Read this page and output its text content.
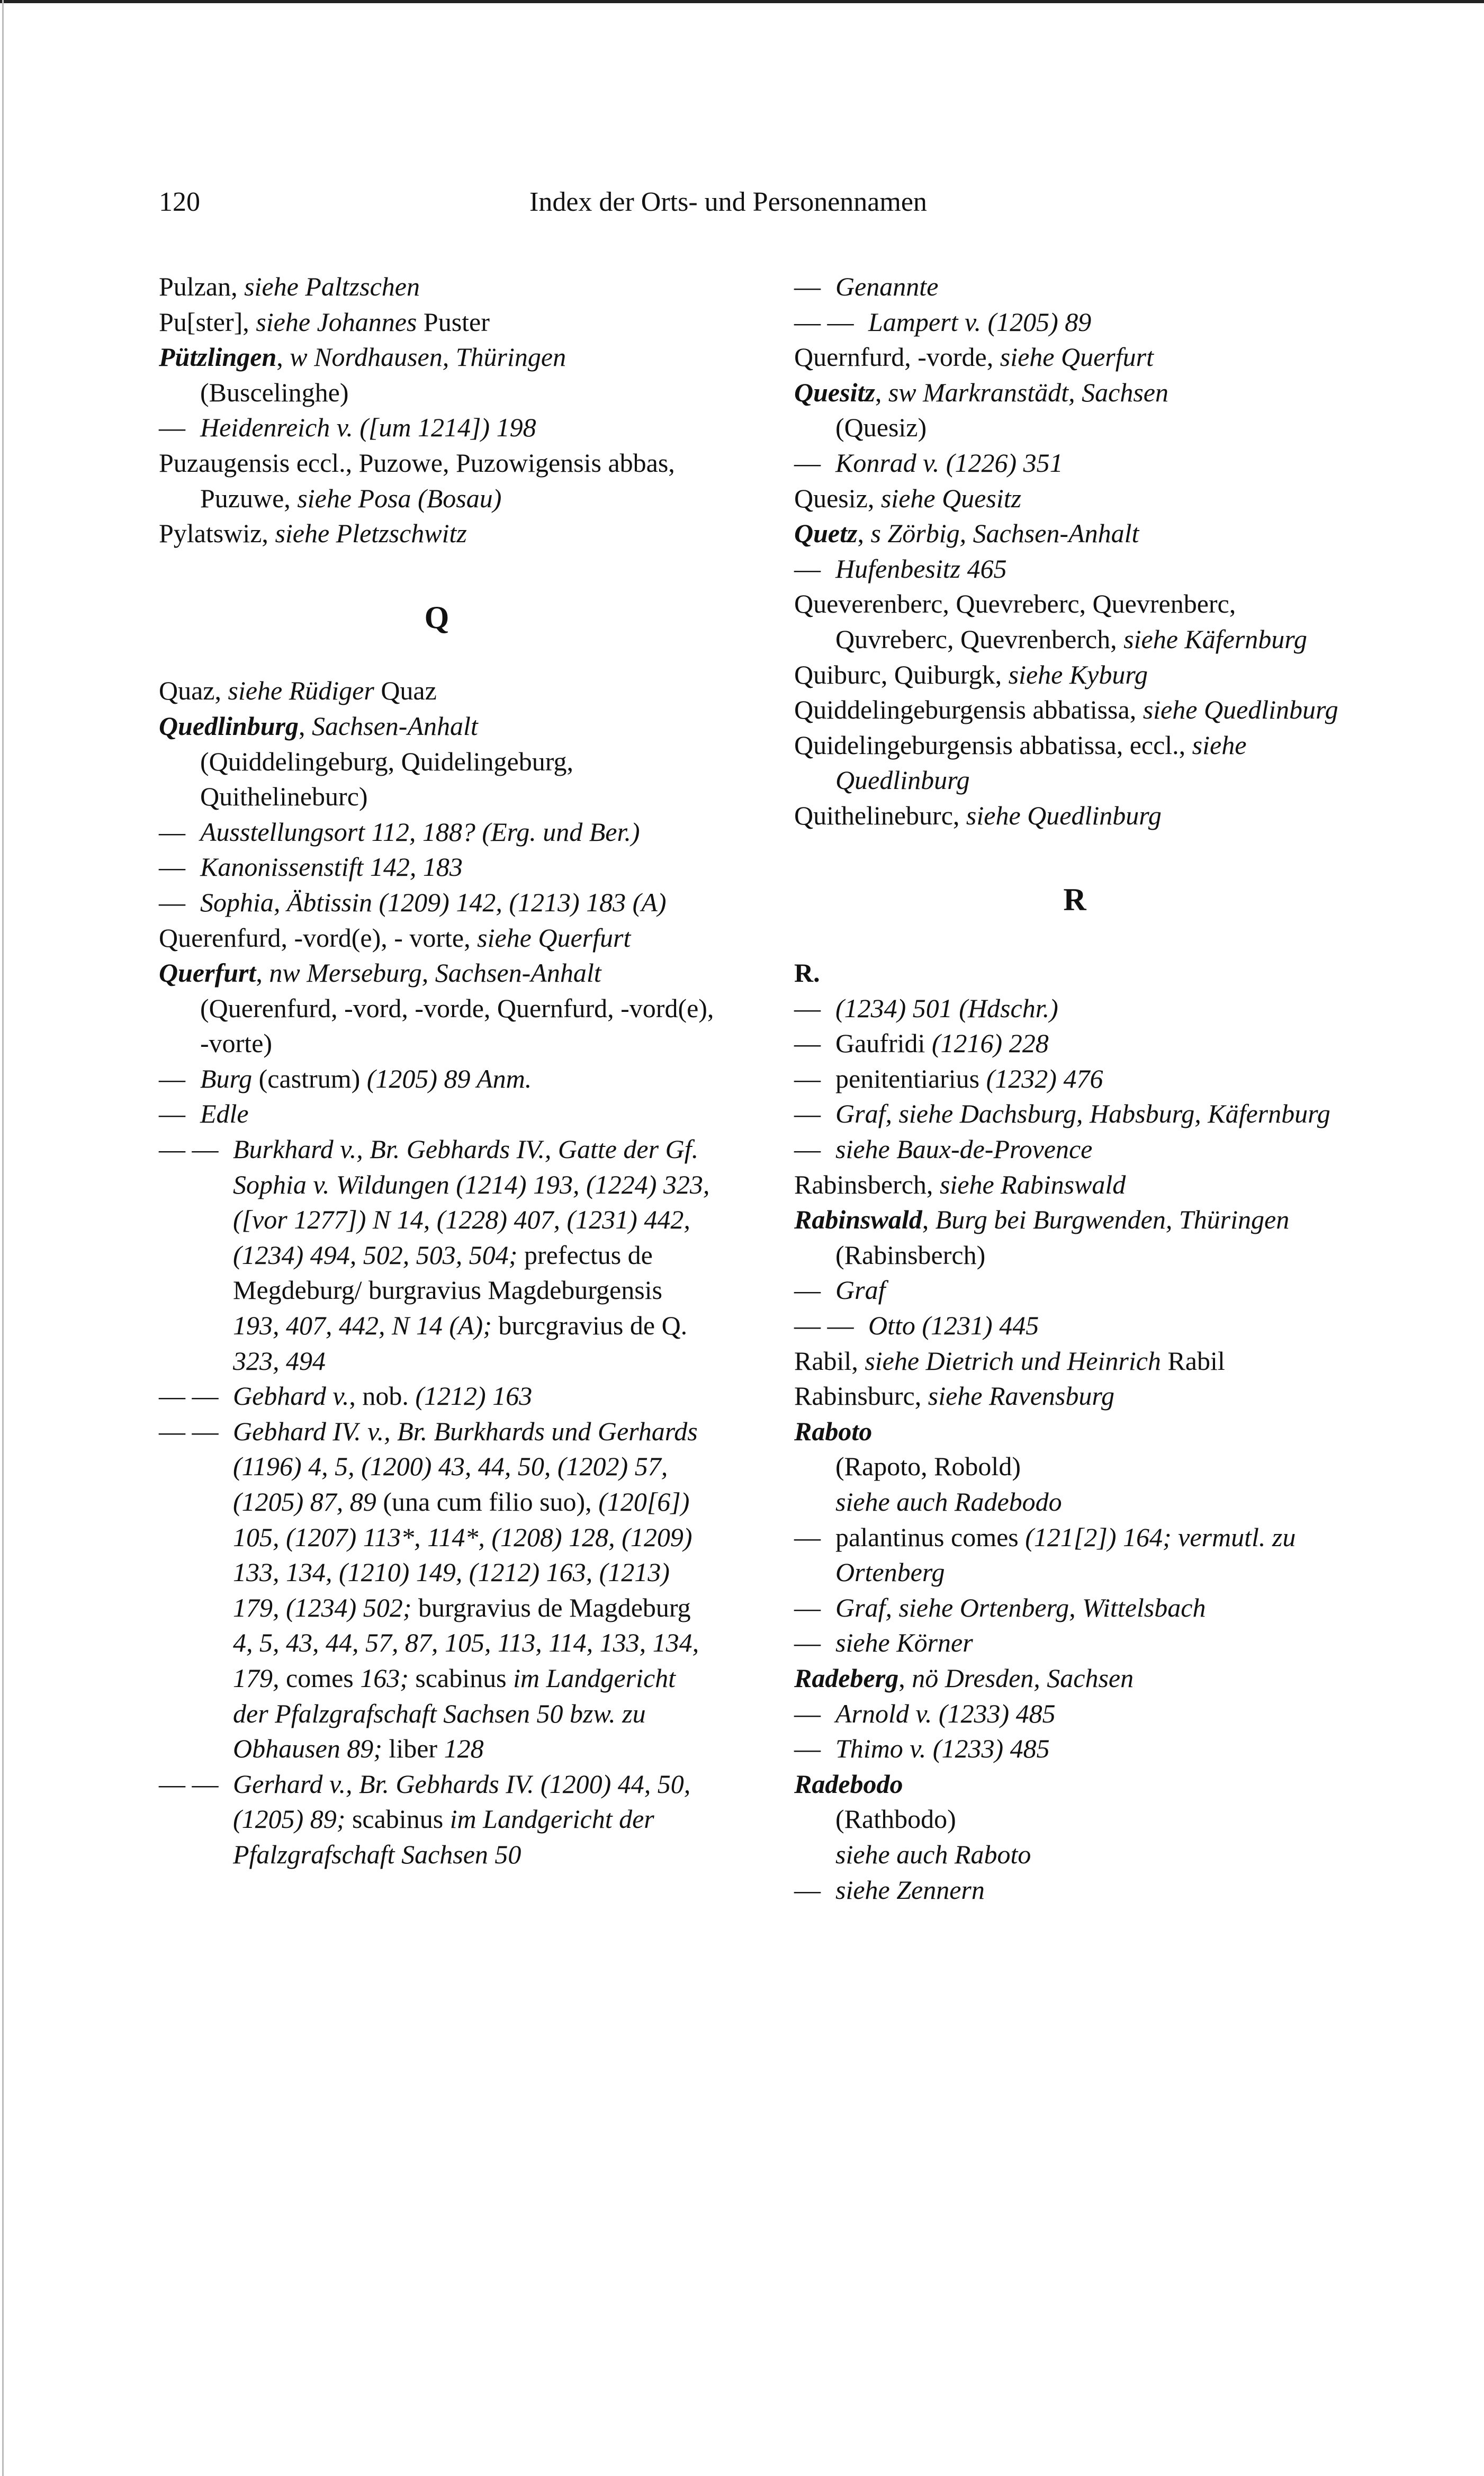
120	Index der Orts- und Personennamen

Pulzan, siehe Paltzschen

Pu[ster], siehe Johannes Puster

Pützlingen, w Nordhausen, Thüringen

(Buscelinghe)

— Heidenreich v. ([um 1214]) 198

Puzaugensis eccl., Puzowe, Puzowigensis abbas, Puzuwe, siehe Posa (Bosau)

Pylatswiz, siehe Pletzschwitz

Q

Quaz, siehe Rüdiger Quaz

Quedlinburg, Sachsen-Anhalt

(Quiddelingeburg, Quidelingeburg, Quithelineburc)

— Ausstellungsort 112, 188? (Erg. und Ber.)

— Kanonissenstift 142, 183

— Sophia, Äbtissin (1209) 142, (1213) 183 (A)

Querenfurd, -vord(e), - vorte, siehe Querfurt

Querfurt, nw Merseburg, Sachsen-Anhalt

(Querenfurd, -vord, -vorde, Quernfurd, -vord(e), -vorte)

— Burg (castrum) (1205) 89 Anm.

— Edle

— — Burkhard v., Br. Gebhards IV., Gatte der Gf. Sophia v. Wildungen (1214) 193, (1224) 323, ([vor 1277]) N 14, (1228) 407, (1231) 442, (1234) 494, 502, 503, 504; prefectus de Megdeburg/ burgravius Magdeburgensis 193, 407, 442, N 14 (A); burcgravius de Q. 323, 494

— — Gebhard v., nob. (1212) 163

— — Gebhard IV. v., Br. Burkhards und Gerhards (1196) 4, 5, (1200) 43, 44, 50, (1202) 57, (1205) 87, 89 (una cum filio suo), (120[6]) 105, (1207) 113*, 114*, (1208) 128, (1209) 133, 134, (1210) 149, (1212) 163, (1213) 179, (1234) 502; burgravius de Magdeburg 4, 5, 43, 44, 57, 87, 105, 113, 114, 133, 134, 179, comes 163; scabinus im Landgericht der Pfalzgrafschaft Sachsen 50 bzw. zu Obhausen 89; liber 128

— — Gerhard v., Br. Gebhards IV. (1200) 44, 50, (1205) 89; scabinus im Landgericht der Pfalzgrafschaft Sachsen 50

— Genannte

— — Lampert v. (1205) 89

Quernfurd, -vorde, siehe Querfurt

Quesitz, sw Markranstädt, Sachsen

(Quesiz)

— Konrad v. (1226) 351

Quesiz, siehe Quesitz

Quetz, s Zörbig, Sachsen-Anhalt

— Hufenbesitz 465

Queverenberc, Quevreberc, Quevrenberc, Quvreberc, Quevrenberch, siehe Käfernburg

Quiburc, Quiburgk, siehe Kyburg

Quiddelingeburgensis abbatissa, siehe Quedlinburg

Quidelingeburgensis abbatissa, eccl., siehe Quedlinburg

Quithelineburc, siehe Quedlinburg

R

R.

— (1234) 501 (Hdschr.)

— Gaufridi (1216) 228

— penitentiarius (1232) 476

— Graf, siehe Dachsburg, Habsburg, Käfernburg

— siehe Baux-de-Provence

Rabinsberch, siehe Rabinswald

Rabinswald, Burg bei Burgwenden, Thüringen

(Rabinsberch)

— Graf

— — Otto (1231) 445

Rabil, siehe Dietrich und Heinrich Rabil

Rabinsburc, siehe Ravensburg

Raboto

(Rapoto, Robold)

siehe auch Radebodo

— palantinus comes (121[2]) 164; vermutl. zu Ortenberg

— Graf, siehe Ortenberg, Wittelsbach

— siehe Körner

Radeberg, nö Dresden, Sachsen

— Arnold v. (1233) 485

— Thimo v. (1233) 485

Radebodo

(Rathbodo)

siehe auch Raboto

— siehe Zennern
